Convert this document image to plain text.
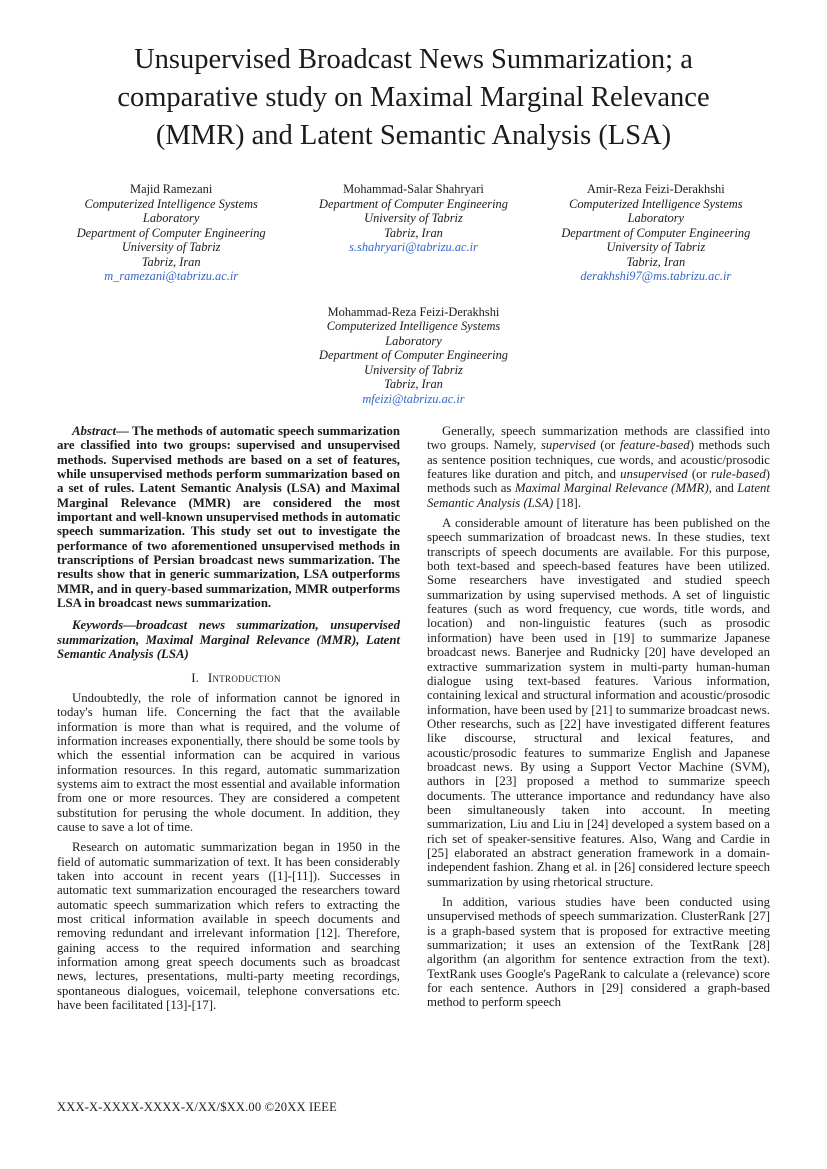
Unsupervised Broadcast News Summarization; a
comparative study on Maximal Marginal Relevance
(MMR) and Latent Semantic Analysis (LSA)
Majid Ramezani
Computerized Intelligence Systems
Laboratory
Department of Computer Engineering
University of Tabriz
Tabriz, Iran
m_ramezani@tabrizu.ac.ir
Mohammad-Salar Shahryari
Department of Computer Engineering
University of Tabriz
Tabriz, Iran
s.shahryari@tabrizu.ac.ir
Amir-Reza Feizi-Derakhshi
Computerized Intelligence Systems
Laboratory
Department of Computer Engineering
University of Tabriz
Tabriz, Iran
derakhshi97@ms.tabrizu.ac.ir
Mohammad-Reza Feizi-Derakhshi
Computerized Intelligence Systems
Laboratory
Department of Computer Engineering
University of Tabriz
Tabriz, Iran
mfeizi@tabrizu.ac.ir

Abstract— The methods of automatic speech summarization are classified into two groups: supervised and unsupervised methods. Supervised methods are based on a set of features, while unsupervised methods perform summarization based on a set of rules. Latent Semantic Analysis (LSA) and Maximal Marginal Relevance (MMR) are considered the most important and well-known unsupervised methods in automatic speech summarization. This study set out to investigate the performance of two aforementioned unsupervised methods in transcriptions of Persian broadcast news summarization. The results show that in generic summarization, LSA outperforms MMR, and in query-based summarization, MMR outperforms LSA in broadcast news summarization.

Keywords—broadcast news summarization, unsupervised summarization, Maximal Marginal Relevance (MMR), Latent Semantic Analysis (LSA)

I. Introduction

Undoubtedly, the role of information cannot be ignored in today's human life. Concerning the fact that the available information is more than what is required, and the volume of information increases exponentially, there should be some tools by which the essential information can be acquired in various information resources. In this regard, automatic summarization systems aim to extract the most essential and available information from one or more resources. They are considered a competent substitution for perusing the whole document. In addition, they cause to save a lot of time.

Research on automatic summarization began in 1950 in the field of automatic summarization of text. It has been considerably taken into account in recent years ([1]-[11]). Successes in automatic text summarization encouraged the researchers toward automatic speech summarization which refers to extracting the most critical information available in speech documents and removing redundant and irrelevant information [12]. Therefore, gaining access to the required information and searching information among great speech documents such as broadcast news, lectures, presentations, multi-party meeting recordings, spontaneous dialogues, voicemail, telephone conversations etc. have been facilitated [13]-[17].

Generally, speech summarization methods are classified into two groups. Namely, supervised (or feature-based) methods such as sentence position techniques, cue words, and acoustic/prosodic features like duration and pitch, and unsupervised (or rule-based) methods such as Maximal Marginal Relevance (MMR), and Latent Semantic Analysis (LSA) [18].

A considerable amount of literature has been published on the speech summarization of broadcast news. In these studies, text transcripts of speech documents are available. For this purpose, both text-based and speech-based features have been utilized. Some researchers have investigated and studied speech summarization by using supervised methods. A set of linguistic features (such as word frequency, cue words, title words, and location) and non-linguistic features (such as prosodic information) have been used in [19] to summarize Japanese broadcast news. Banerjee and Rudnicky [20] have developed an extractive summarization system in multi-party human-human dialogue using text-based features. Various information, containing lexical and structural information and acoustic/prosodic information, have been used by [21] to summarize broadcast news. Other researchs, such as [22] have investigated different features like discourse, structural and lexical features, and acoustic/prosodic features to summarize English and Japanese broadcast news. By using a Support Vector Machine (SVM), authors in [23] proposed a method to summarize speech documents. The utterance importance and redundancy have also been simultaneously taken into account. In meeting summarization, Liu and Liu in [24] developed a system based on a rich set of speaker-sensitive features. Also, Wang and Cardie in [25] elaborated an abstract generation framework in a domain-independent fashion. Zhang et al. in [26] considered lecture speech summarization by using rhetorical structure.

In addition, various studies have been conducted using unsupervised methods of speech summarization. ClusterRank [27] is a graph-based system that is proposed for extractive meeting summarization; it uses an extension of the TextRank [28] algorithm (an algorithm for sentence extraction from the text). TextRank uses Google's PageRank to calculate a (relevance) score for each sentence. Authors in [29] considered a graph-based method to perform speech

XXX-X-XXXX-XXXX-X/XX/$XX.00 ©20XX IEEE
